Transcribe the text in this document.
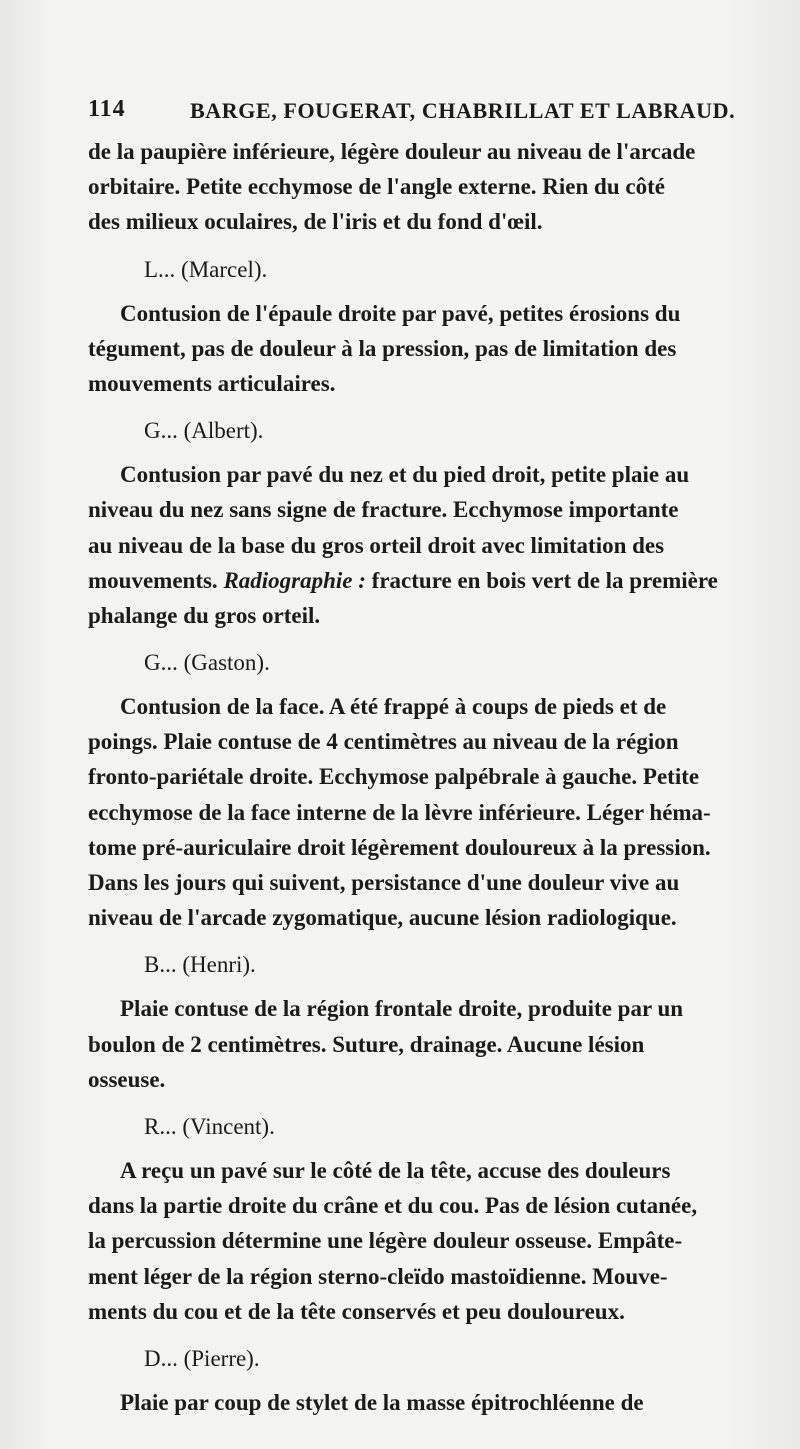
114	BARGE, FOUGERAT, CHABRILLAT ET LABRAUD.
de la paupière inférieure, légère douleur au niveau de l'arcade
orbitaire. Petite ecchymose de l'angle externe. Rien du côté
des milieux oculaires, de l'iris et du fond d'œil.
L... (Marcel).
Contusion de l'épaule droite par pavé, petites érosions du
tégument, pas de douleur à la pression, pas de limitation des
mouvements articulaires.
G... (Albert).
Contusion par pavé du nez et du pied droit, petite plaie au
niveau du nez sans signe de fracture. Ecchymose importante
au niveau de la base du gros orteil droit avec limitation des
mouvements. Radiographie : fracture en bois vert de la première
phalange du gros orteil.
G... (Gaston).
Contusion de la face. A été frappé à coups de pieds et de
poings. Plaie contuse de 4 centimètres au niveau de la région
fronto-pariétale droite. Ecchymose palpébrale à gauche. Petite
ecchymose de la face interne de la lèvre inférieure. Léger héma-
tome pré-auriculaire droit légèrement douloureux à la pression.
Dans les jours qui suivent, persistance d'une douleur vive au
niveau de l'arcade zygomatique, aucune lésion radiologique.
B... (Henri).
Plaie contuse de la région frontale droite, produite par un
boulon de 2 centimètres. Suture, drainage. Aucune lésion
osseuse.
R... (Vincent).
A reçu un pavé sur le côté de la tête, accuse des douleurs
dans la partie droite du crâne et du cou. Pas de lésion cutanée,
la percussion détermine une légère douleur osseuse. Empâte-
ment léger de la région sterno-cleïdo mastoïdienne. Mouve-
ments du cou et de la tête conservés et peu douloureux.
D... (Pierre).
Plaie par coup de stylet de la masse épitrochléenne de
